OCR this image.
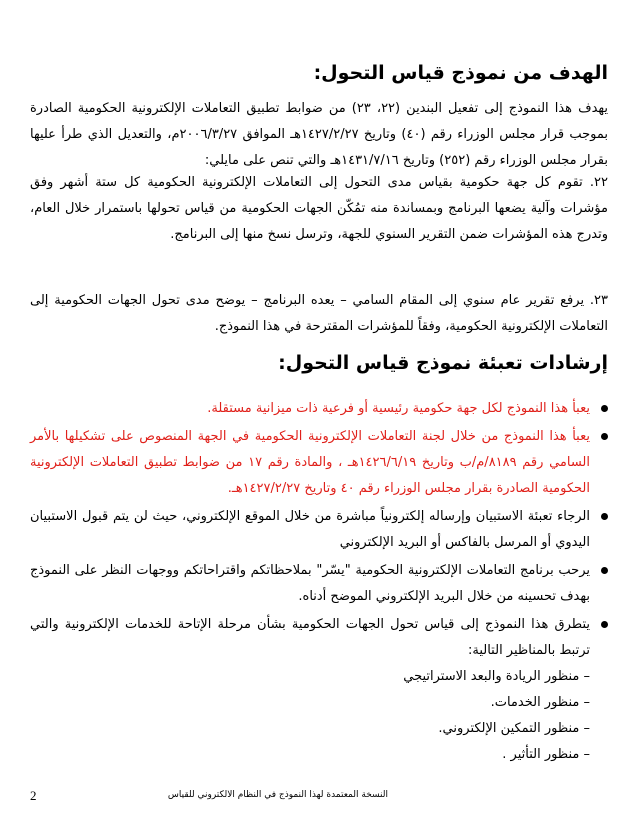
الهدف من نموذج قياس التحول:

يهدف هذا النموذج إلى تفعيل البندين (٢٢، ٢٣) من ضوابط تطبيق التعاملات الإلكترونية الحكومية الصادرة بموجب قرار مجلس الوزراء رقم (٤٠) وتاريخ ١٤٢٧/٢/٢٧هـ الموافق ٢٠٠٦/٣/٢٧م، والتعديل الذي طرأ عليها بقرار مجلس الوزراء رقم (٢٥٢) وتاريخ ١٤٣١/٧/١٦هـ والتي تنص على مايلي:

٢٢. تقوم كل جهة حكومية بقياس مدى التحول إلى التعاملات الإلكترونية الحكومية كل ستة أشهر وفق مؤشرات وآلية يضعها البرنامج وبمساندة منه تمُكّن الجهات الحكومية من قياس تحولها باستمرار خلال العام، وتدرج هذه المؤشرات ضمن التقرير السنوي للجهة، وترسل نسخ منها إلى البرنامج.

٢٣. يرفع تقرير عام سنوي إلى المقام السامي – يعده البرنامج – يوضح مدى تحول الجهات الحكومية إلى التعاملات الإلكترونية الحكومية، وفقاً للمؤشرات المقترحة في هذا النموذج.

إرشادات تعبئة نموذج قياس التحول:
يعبأ هذا النموذج لكل جهة حكومية رئيسية أو فرعية ذات ميزانية مستقلة.
يعبأ هذا النموذج من خلال لجنة التعاملات الإلكترونية الحكومية في الجهة المنصوص على تشكيلها بالأمر السامي رقم ٨١٨٩/م/ب وتاريخ ١٤٢٦/٦/١٩هـ ، والمادة رقم ١٧ من ضوابط تطبيق التعاملات الإلكترونية الحكومية الصادرة بقرار مجلس الوزراء رقم ٤٠ وتاريخ ١٤٢٧/٢/٢٧هـ.
الرجاء تعبئة الاستبيان وإرساله إلكترونياً مباشرة من خلال الموقع الإلكتروني، حيث لن يتم قبول الاستبيان اليدوي أو المرسل بالفاكس أو البريد الإلكتروني
يرحب برنامج التعاملات الإلكترونية الحكومية "يسّر" بملاحظاتكم واقتراحاتكم ووجهات النظر على النموذج بهدف تحسينه من خلال البريد الإلكتروني الموضح أدناه.
يتطرق هذا النموذج إلى قياس تحول الجهات الحكومية بشأن مرحلة الإتاحة للخدمات الإلكترونية والتي ترتبط بالمناظير التالية:
– منظور الريادة والبعد الاستراتيجي
– منظور الخدمات.
– منظور التمكين الإلكتروني.
– منظور التأثير .
النسخة المعتمدة لهذا النموذج في النظام الالكتروني للقياس
2
